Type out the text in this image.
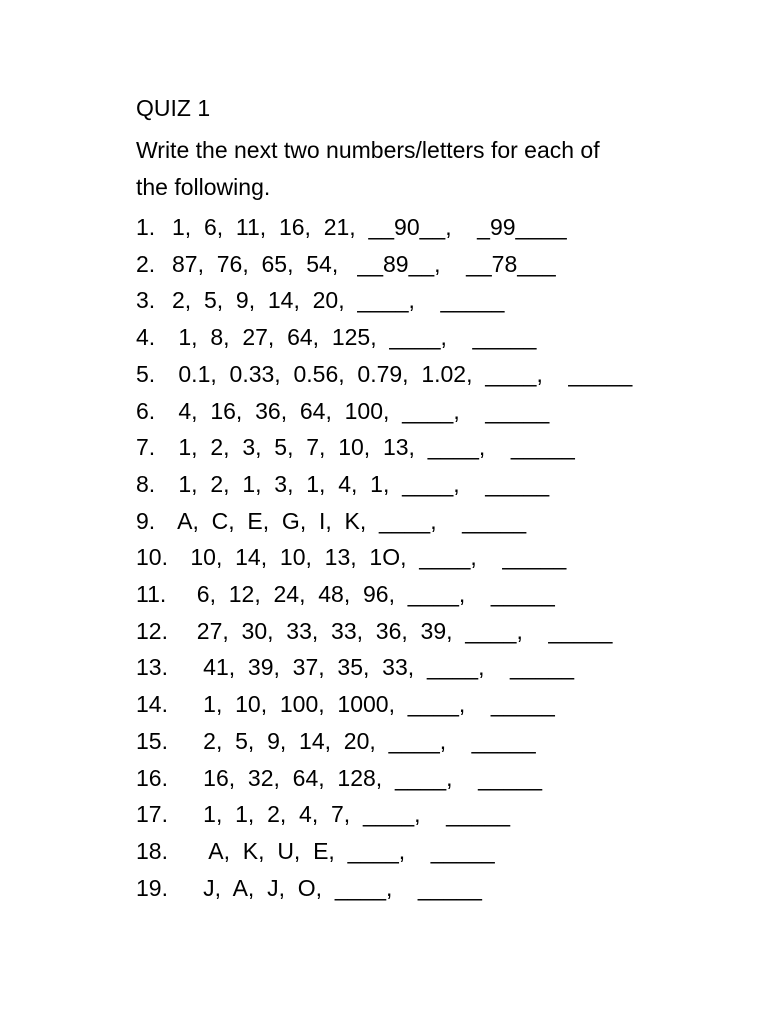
QUIZ 1
Write the next two numbers/letters for each of
the following.
1. 1,  6,  11,  16,  21,  __90__,    _99____
2. 87,  76,  65,  54,   __89__,    __78___
3. 2,  5,  9,  14,  20,  ____,    _____
4. 1,  8,  27,  64,  125,  ____,    _____
5. 0.1,  0.33,  0.56,  0.79,  1.02,  ____,    _____
6. 4,  16,  36,  64,  100,  ____,    _____
7. 1,  2,  3,  5,  7,  10,  13,  ____,    _____
8. 1,  2,  1,  3,  1,  4,  1,  ____,    _____
9. A,  C,  E,  G,  I,  K,  ____,    _____
10. 10,  14,  10,  13,  1O,  ____,    _____
11.  6,  12,  24,  48,  96,  ____,    _____
12.  27,  30,  33,  33,  36,  39,  ____,    _____
13.   41,  39,  37,  35,  33,  ____,    _____
14.   1,  10,  100,  1000,  ____,    _____
15.   2,  5,  9,  14,  20,  ____,    _____
16.   16,  32,  64,  128,  ____,    _____
17.   1,  1,  2,  4,  7,  ____,    _____
18.    A,  K,  U,  E,  ____,    _____
19.   J,  A,  J,  O,  ____,    _____
